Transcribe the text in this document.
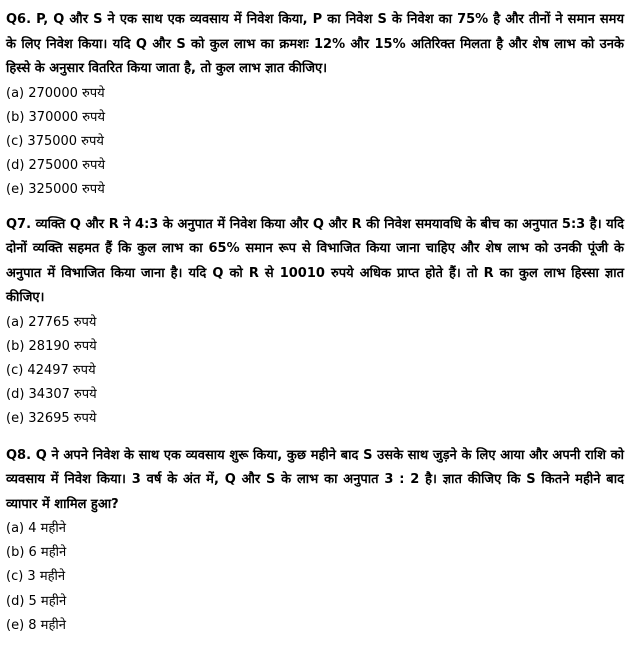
Q6. P, Q और S ने एक साथ एक व्यवसाय में निवेश किया, P का निवेश S के निवेश का 75% है और तीनों ने समान समय के लिए निवेश किया। यदि Q और S को कुल लाभ का क्रमशः 12% और 15% अतिरिक्त मिलता है और शेष लाभ को उनके हिस्से के अनुसार वितरित किया जाता है, तो कुल लाभ ज्ञात कीजिए।
(a) 270000 रुपये
(b) 370000 रुपये
(c) 375000 रुपये
(d) 275000 रुपये
(e) 325000 रुपये
Q7. व्यक्ति Q और R ने 4:3 के अनुपात में निवेश किया और Q और R की निवेश समयावधि के बीच का अनुपात 5:3 है। यदि दोनों व्यक्ति सहमत हैं कि कुल लाभ का 65% समान रूप से विभाजित किया जाना चाहिए और शेष लाभ को उनकी पूंजी के अनुपात में विभाजित किया जाना है। यदि Q को R से 10010 रुपये अधिक प्राप्त होते हैं। तो R का कुल लाभ हिस्सा ज्ञात कीजिए।
(a) 27765 रुपये
(b) 28190 रुपये
(c) 42497 रुपये
(d) 34307 रुपये
(e) 32695 रुपये
Q8. Q ने अपने निवेश के साथ एक व्यवसाय शुरू किया, कुछ महीने बाद S उसके साथ जुड़ने के लिए आया और अपनी राशि को व्यवसाय में निवेश किया। 3 वर्ष के अंत में, Q और S के लाभ का अनुपात 3 : 2 है। ज्ञात कीजिए कि S कितने महीने बाद व्यापार में शामिल हुआ?
(a) 4 महीने
(b) 6 महीने
(c) 3 महीने
(d) 5 महीने
(e) 8 महीने
